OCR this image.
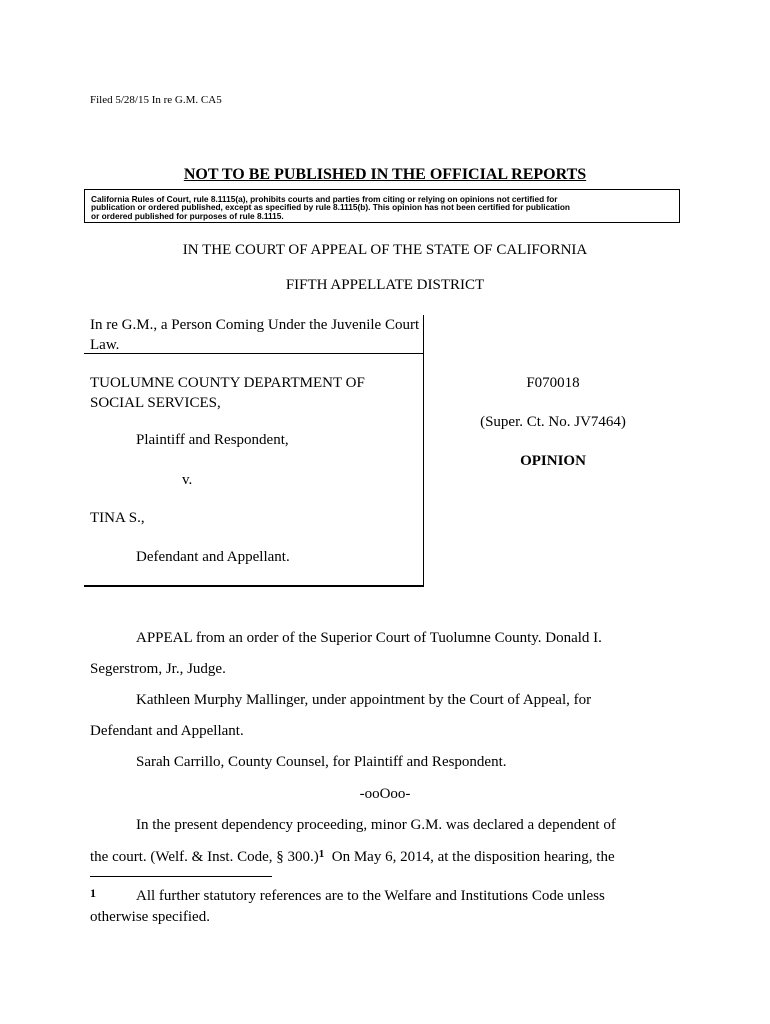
Filed 5/28/15 In re G.M. CA5
NOT TO BE PUBLISHED IN THE OFFICIAL REPORTS
California Rules of Court, rule 8.1115(a), prohibits courts and parties from citing or relying on opinions not certified for
publication or ordered published, except as specified by rule 8.1115(b). This opinion has not been certified for publication
or ordered published for purposes of rule 8.1115.
IN THE COURT OF APPEAL OF THE STATE OF CALIFORNIA
FIFTH APPELLATE DISTRICT
In re G.M., a Person Coming Under the Juvenile Court Law.
TUOLUMNE COUNTY DEPARTMENT OF SOCIAL SERVICES,
Plaintiff and Respondent,
v.
TINA S.,
Defendant and Appellant.
F070018
(Super. Ct. No. JV7464)
OPINION
APPEAL from an order of the Superior Court of Tuolumne County. Donald I.
Segerstrom, Jr., Judge.
Kathleen Murphy Mallinger, under appointment by the Court of Appeal, for
Defendant and Appellant.
Sarah Carrillo, County Counsel, for Plaintiff and Respondent.
-ooOoo-
In the present dependency proceeding, minor G.M. was declared a dependent of
the court. (Welf. & Inst. Code, § 300.)$^1$  On May 6, 2014, at the disposition hearing, the
1	All further statutory references are to the Welfare and Institutions Code unless
otherwise specified.
